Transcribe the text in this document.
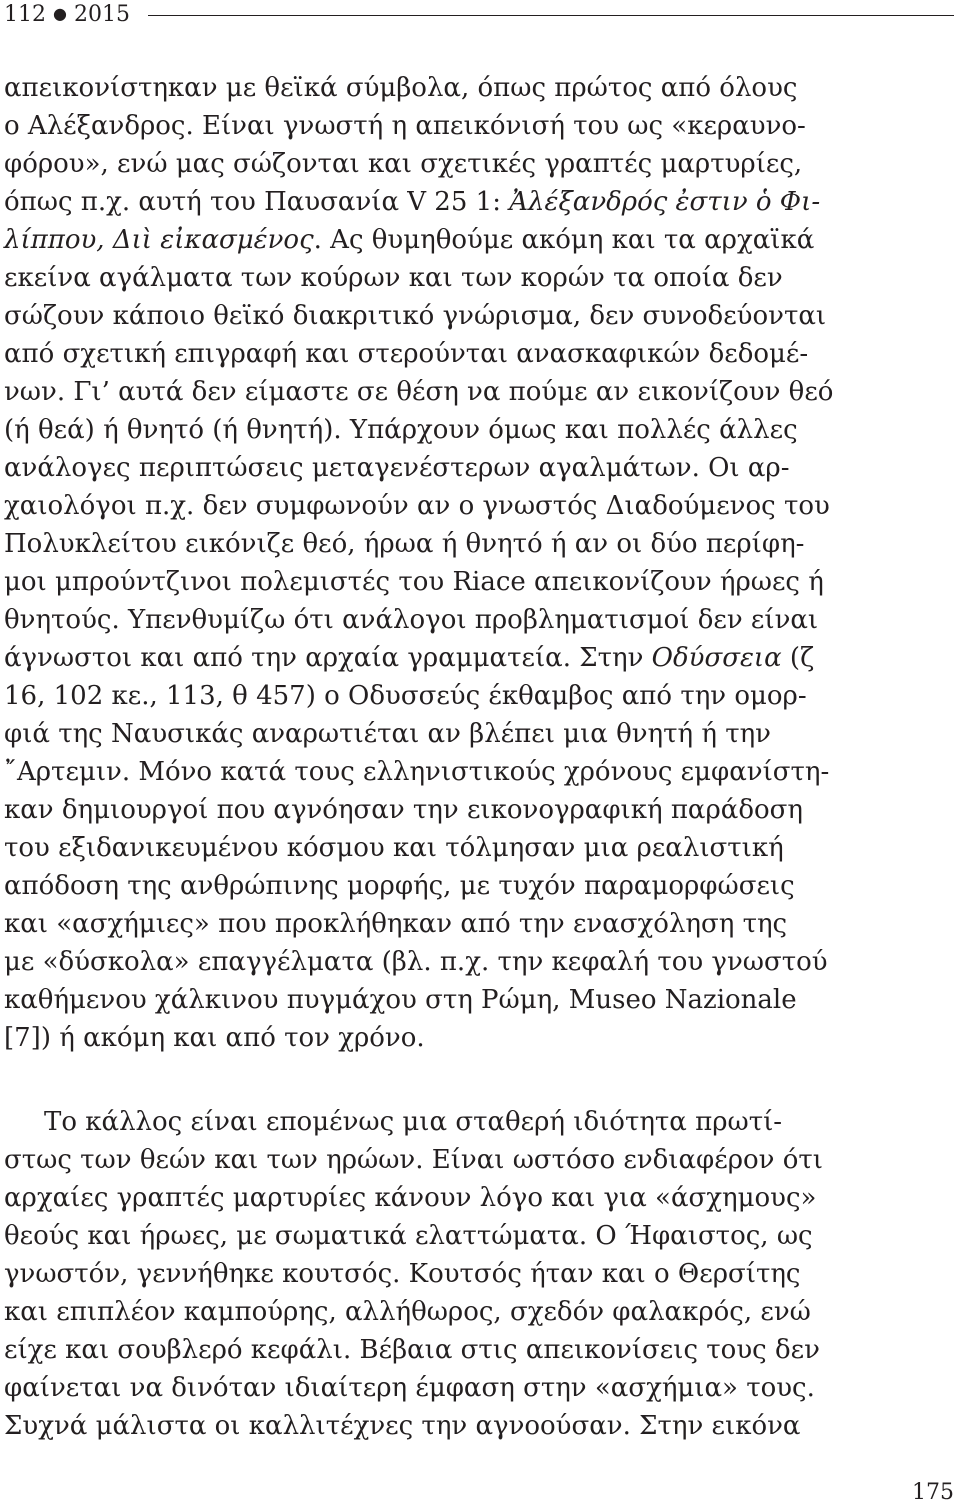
112 ● 2015
απεικονίστηκαν με θεϊκά σύμβολα, όπως πρώτος από όλους
ο Αλέξανδρος. Είναι γνωστή η απεικόνισή του ως «κεραυνο-
φόρου», ενώ μας σώζονται και σχετικές γραπτές μαρτυρίες,
όπως π.χ. αυτή του Παυσανία V 25 1: Ἀλέξανδρός ἐστιν ὁ Φι-
λίππου, Διὶ εἰκασμένος. Ας θυμηθούμε ακόμη και τα αρχαϊκά
εκείνα αγάλματα των κούρων και των κορών τα οποία δεν
σώζουν κάποιο θεϊκό διακριτικό γνώρισμα, δεν συνοδεύονται
από σχετική επιγραφή και στερούνται ανασκαφικών δεδομέ-
νων. Γι’ αυτά δεν είμαστε σε θέση να πούμε αν εικονίζουν θεό
(ή θεά) ή θνητό (ή θνητή). Υπάρχουν όμως και πολλές άλλες
ανάλογες περιπτώσεις μεταγενέστερων αγαλμάτων. Οι αρ-
χαιολόγοι π.χ. δεν συμφωνούν αν ο γνωστός Διαδούμενος του
Πολυκλείτου εικόνιζε θεό, ήρωα ή θνητό ή αν οι δύο περίφη-
μοι μπρούντζινοι πολεμιστές του Riace απεικονίζουν ήρωες ή
θνητούς. Υπενθυμίζω ότι ανάλογοι προβληματισμοί δεν είναι
άγνωστοι και από την αρχαία γραμματεία. Στην Οδύσσεια (ζ
16, 102 κε., 113, θ 457) ο Οδυσσεύς έκθαμβος από την ομορ-
φιά της Ναυσικάς αναρωτιέται αν βλέπει μια θνητή ή την
῎Αρτεμιν. Μόνο κατά τους ελληνιστικούς χρόνους εμφανίστη-
καν δημιουργοί που αγνόησαν την εικονογραφική παράδοση
του εξιδανικευμένου κόσμου και τόλμησαν μια ρεαλιστική
απόδοση της ανθρώπινης μορφής, με τυχόν παραμορφώσεις
και «ασχήμιες» που προκλήθηκαν από την ενασχόληση της
με «δύσκολα» επαγγέλματα (βλ. π.χ. την κεφαλή του γνωστού
καθήμενου χάλκινου πυγμάχου στη Ρώμη, Museo Nazionale
[7]) ή ακόμη και από τον χρόνο.
Το κάλλος είναι επομένως μια σταθερή ιδιότητα πρωτί-
στως των θεών και των ηρώων. Είναι ωστόσο ενδιαφέρον ότι
αρχαίες γραπτές μαρτυρίες κάνουν λόγο και για «άσχημους»
θεούς και ήρωες, με σωματικά ελαττώματα. Ο Ήφαιστος, ως
γνωστόν, γεννήθηκε κουτσός. Κουτσός ήταν και ο Θερσίτης
και επιπλέον καμπούρης, αλλήθωρος, σχεδόν φαλακρός, ενώ
είχε και σουβλερό κεφάλι. Βέβαια στις απεικονίσεις τους δεν
φαίνεται να δινόταν ιδιαίτερη έμφαση στην «ασχήμια» τους.
Συχνά μάλιστα οι καλλιτέχνες την αγνοούσαν. Στην εικόνα
175
